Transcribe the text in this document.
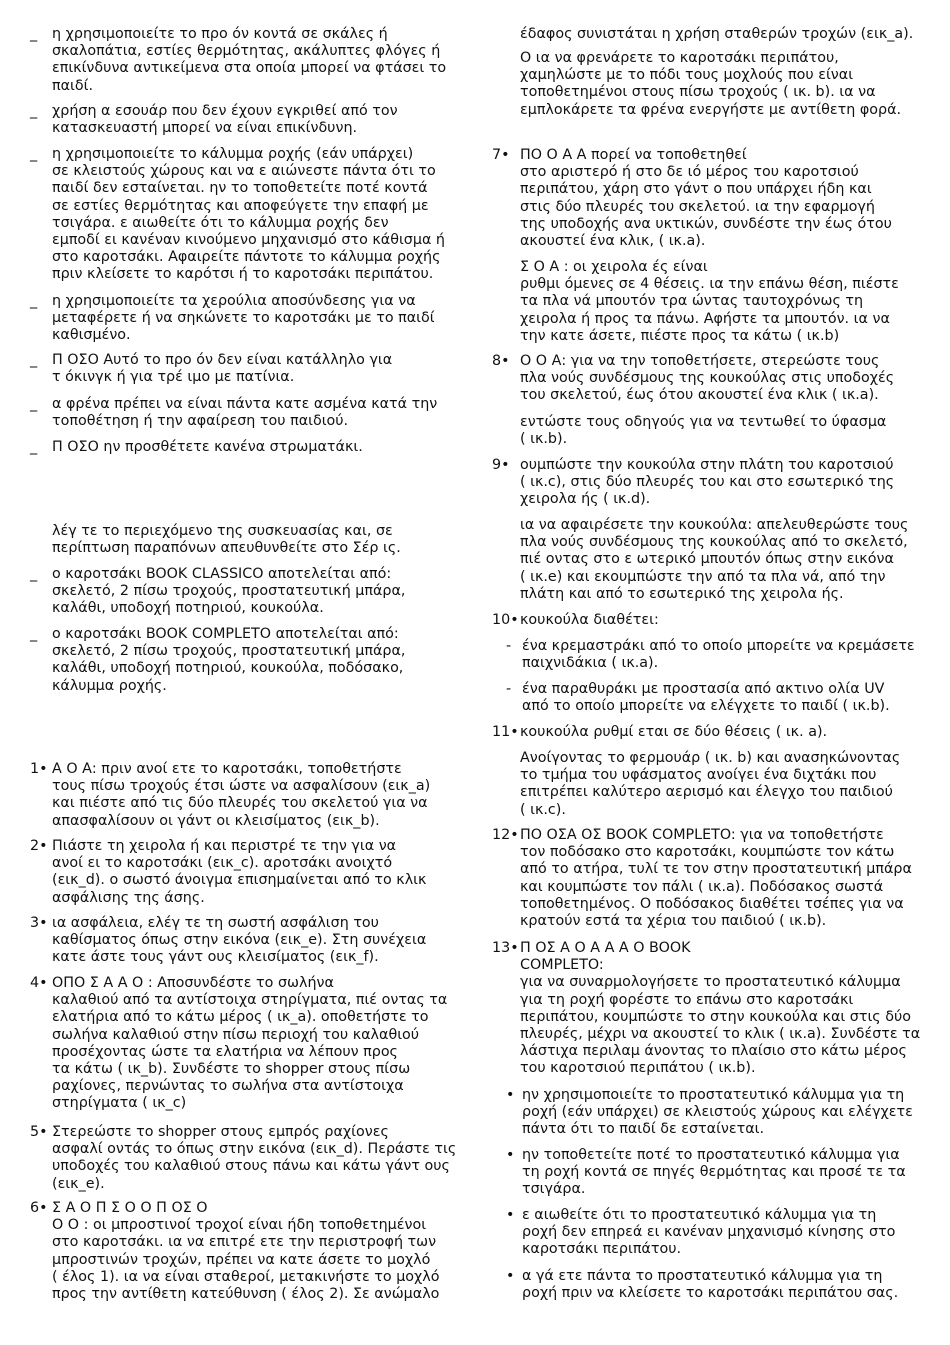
_ η χρησιμοποιείτε το προ όν κοντά σε σκάλες ή
σκαλοπάτια, εστίες θερμότητας, ακάλυπτες φλόγες ή
επικίνδυνα αντικείμενα στα οποία μπορεί να φτάσει το
παιδί.
_ χρήση α εσουάρ που δεν έχουν εγκριθεί από τον
κατασκευαστή μπορεί να είναι επικίνδυνη.
_ η χρησιμοποιείτε το κάλυμμα ροχής (εάν υπάρχει)
σε κλειστούς χώρους και να ε αιώνεστε πάντα ότι το
παιδί δεν εσταίνεται. ην το τοποθετείτε ποτέ κοντά
σε εστίες θερμότητας και αποφεύγετε την επαφή με
τσιγάρα. ε αιωθείτε ότι το κάλυμμα ροχής δεν
εμποδί ει κανέναν κινούμενο μηχανισμό στο κάθισμα ή
στο καροτσάκι. Αφαιρείτε πάντοτε το κάλυμμα ροχής
πριν κλείσετε το καρότσι ή το καροτσάκι περιπάτου.
_ η χρησιμοποιείτε τα χερούλια αποσύνδεσης για να
μεταφέρετε ή να σηκώνετε το καροτσάκι με το παιδί
καθισμένο.
_ Π ΟΣΟ Αυτό το προ όν δεν είναι κατάλληλο για
τ όκινγκ ή για τρέ ιμο με πατίνια.
_ α φρένα πρέπει να είναι πάντα κατε ασμένα κατά την
τοποθέτηση ή την αφαίρεση του παιδιού.
_ Π ΟΣΟ ην προσθέτετε κανένα στρωματάκι.
λέγ τε το περιεχόμενο της συσκευασίας και, σε
περίπτωση παραπόνων απευθυνθείτε στο Σέρ ις.
_ ο καροτσάκι BOOK CLASSICO αποτελείται από:
σκελετό, 2 πίσω τροχούς, προστατευτική μπάρα,
καλάθι, υποδοχή ποτηριού, κουκούλα.
_ ο καροτσάκι BOOK COMPLETO αποτελείται από:
σκελετό, 2 πίσω τροχούς, προστατευτική μπάρα,
καλάθι, υποδοχή ποτηριού, κουκούλα, ποδόσακο,
κάλυμμα ροχής.
1• Α Ο Α: πριν ανοί ετε το καροτσάκι, τοποθετήστε
τους πίσω τροχούς έτσι ώστε να ασφαλίσουν (εικ_a)
και πιέστε από τις δύο πλευρές του σκελετού για να
απασφαλίσουν οι γάντ οι κλεισίματος (εικ_b).
2• Πιάστε τη χειρολα ή και περιστρέ τε την για να
ανοί ει το καροτσάκι (εικ_c). αροτσάκι ανοιχτό
(εικ_d). ο σωστό άνοιγμα επισημαίνεται από το κλικ
ασφάλισης της άσης.
3• ια ασφάλεια, ελέγ τε τη σωστή ασφάλιση του
καθίσματος όπως στην εικόνα (εικ_e). Στη συνέχεια
κατε άστε τους γάντ ους κλεισίματος (εικ_f).
4• ΟΠΟ Σ Α Α Ο : Αποσυνδέστε το σωλήνα
καλαθιού από τα αντίστοιχα στηρίγματα, πιέ οντας τα
ελατήρια από το κάτω μέρος ( ικ_a). οποθετήστε το
σωλήνα καλαθιού στην πίσω περιοχή του καλαθιού
προσέχοντας ώστε τα ελατήρια να λέπουν προς
τα κάτω ( ικ_b). Συνδέστε το shopper στους πίσω
ραχίονες, περνώντας το σωλήνα στα αντίστοιχα
στηρίγματα ( ικ_c)
5• Στερεώστε το shopper στους εμπρός ραχίονες
ασφαλί οντάς το όπως στην εικόνα (εικ_d). Περάστε τις
υποδοχές του καλαθιού στους πάνω και κάτω γάντ ους
(εικ_e).
6• Σ Α Ο Π Σ Ο Ο Π ΟΣ Ο
Ο Ο : οι μπροστινοί τροχοί είναι ήδη τοποθετημένοι
στο καροτσάκι. ια να επιτρέ ετε την περιστροφή των
μπροστινών τροχών, πρέπει να κατε άσετε το μοχλό
( έλος 1). ια να είναι σταθεροί, μετακινήστε το μοχλό
προς την αντίθετη κατεύθυνση ( έλος 2). Σε ανώμαλο
έδαφος συνιστάται η χρήση σταθερών τροχών (εικ_a).
Ο ια να φρενάρετε το καροτσάκι περιπάτου,
χαμηλώστε με το πόδι τους μοχλούς που είναι
τοποθετημένοι στους πίσω τροχούς ( ικ. b). ια να
εμπλοκάρετε τα φρένα ενεργήστε με αντίθετη φορά.
7• ΠΟ Ο Α Α πορεί να τοποθετηθεί
στο αριστερό ή στο δε ιό μέρος του καροτσιού
περιπάτου, χάρη στο γάντ ο που υπάρχει ήδη και
στις δύο πλευρές του σκελετού. ια την εφαρμογή
της υποδοχής ανα υκτικών, συνδέστε την έως ότου
ακουστεί ένα κλικ, ( ικ.a).
Σ Ο Α : οι χειρολα ές είναι
ρυθμι όμενες σε 4 θέσεις. ια την επάνω θέση, πιέστε
τα πλα νά μπουτόν τρα ώντας ταυτοχρόνως τη
χειρολα ή προς τα πάνω. Αφήστε τα μπουτόν. ια να
την κατε άσετε, πιέστε προς τα κάτω ( ικ.b)
8• Ο Ο Α: για να την τοποθετήσετε, στερεώστε τους
πλα νούς συνδέσμους της κουκούλας στις υποδοχές
του σκελετού, έως ότου ακουστεί ένα κλικ ( ικ.a).
εντώστε τους οδηγούς για να τεντωθεί το ύφασμα
( ικ.b).
9• ουμπώστε την κουκούλα στην πλάτη του καροτσιού
( ικ.c), στις δύο πλευρές του και στο εσωτερικό της
χειρολα ής ( ικ.d).
ια να αφαιρέσετε την κουκούλα: απελευθερώστε τους
πλα νούς συνδέσμους της κουκούλας από το σκελετό,
πιέ οντας στο ε ωτερικό μπουτόν όπως στην εικόνα
( ικ.e) και εκουμπώστε την από τα πλα νά, από την
πλάτη και από το εσωτερικό της χειρολα ής.
10• κουκούλα διαθέτει:
- ένα κρεμαστράκι από το οποίο μπορείτε να κρεμάσετε
παιχνιδάκια ( ικ.a).
- ένα παραθυράκι με προστασία από ακτινο ολία UV
από το οποίο μπορείτε να ελέγχετε το παιδί ( ικ.b).
11• κουκούλα ρυθμί εται σε δύο θέσεις ( ικ. a).
Ανοίγοντας το φερμουάρ ( ικ. b) και ανασηκώνοντας
το τμήμα του υφάσματος ανοίγει ένα διχτάκι που
επιτρέπει καλύτερο αερισμό και έλεγχο του παιδιού
( ικ.c).
12• ΠΟ ΟΣΑ ΟΣ BOOK COMPLETO: για να τοποθετήστε
τον ποδόσακο στο καροτσάκι, κουμπώστε τον κάτω
από το ατήρα, τυλί τε τον στην προστατευτική μπάρα
και κουμπώστε τον πάλι ( ικ.a). Ποδόσακος σωστά
τοποθετημένος. Ο ποδόσακος διαθέτει τσέπες για να
κρατούν εστά τα χέρια του παιδιού ( ικ.b).
13• Π ΟΣ Α Ο Α Α Α Ο BOOK
COMPLETO:
για να συναρμολογήσετε το προστατευτικό κάλυμμα
για τη ροχή φορέστε το επάνω στο καροτσάκι
περιπάτου, κουμπώστε το στην κουκούλα και στις δύο
πλευρές, μέχρι να ακουστεί το κλικ ( ικ.a). Συνδέστε τα
λάστιχα περιλαμ άνοντας το πλαίσιο στο κάτω μέρος
του καροτσιού περιπάτου ( ικ.b).
• ην χρησιμοποιείτε το προστατευτικό κάλυμμα για τη
ροχή (εάν υπάρχει) σε κλειστούς χώρους και ελέγχετε
πάντα ότι το παιδί δε εσταίνεται.
• ην τοποθετείτε ποτέ το προστατευτικό κάλυμμα για
τη ροχή κοντά σε πηγές θερμότητας και προσέ τε τα
τσιγάρα.
• ε αιωθείτε ότι το προστατευτικό κάλυμμα για τη
ροχή δεν επηρεά ει κανέναν μηχανισμό κίνησης στο
καροτσάκι περιπάτου.
• α γά ετε πάντα το προστατευτικό κάλυμμα για τη
ροχή πριν να κλείσετε το καροτσάκι περιπάτου σας.
